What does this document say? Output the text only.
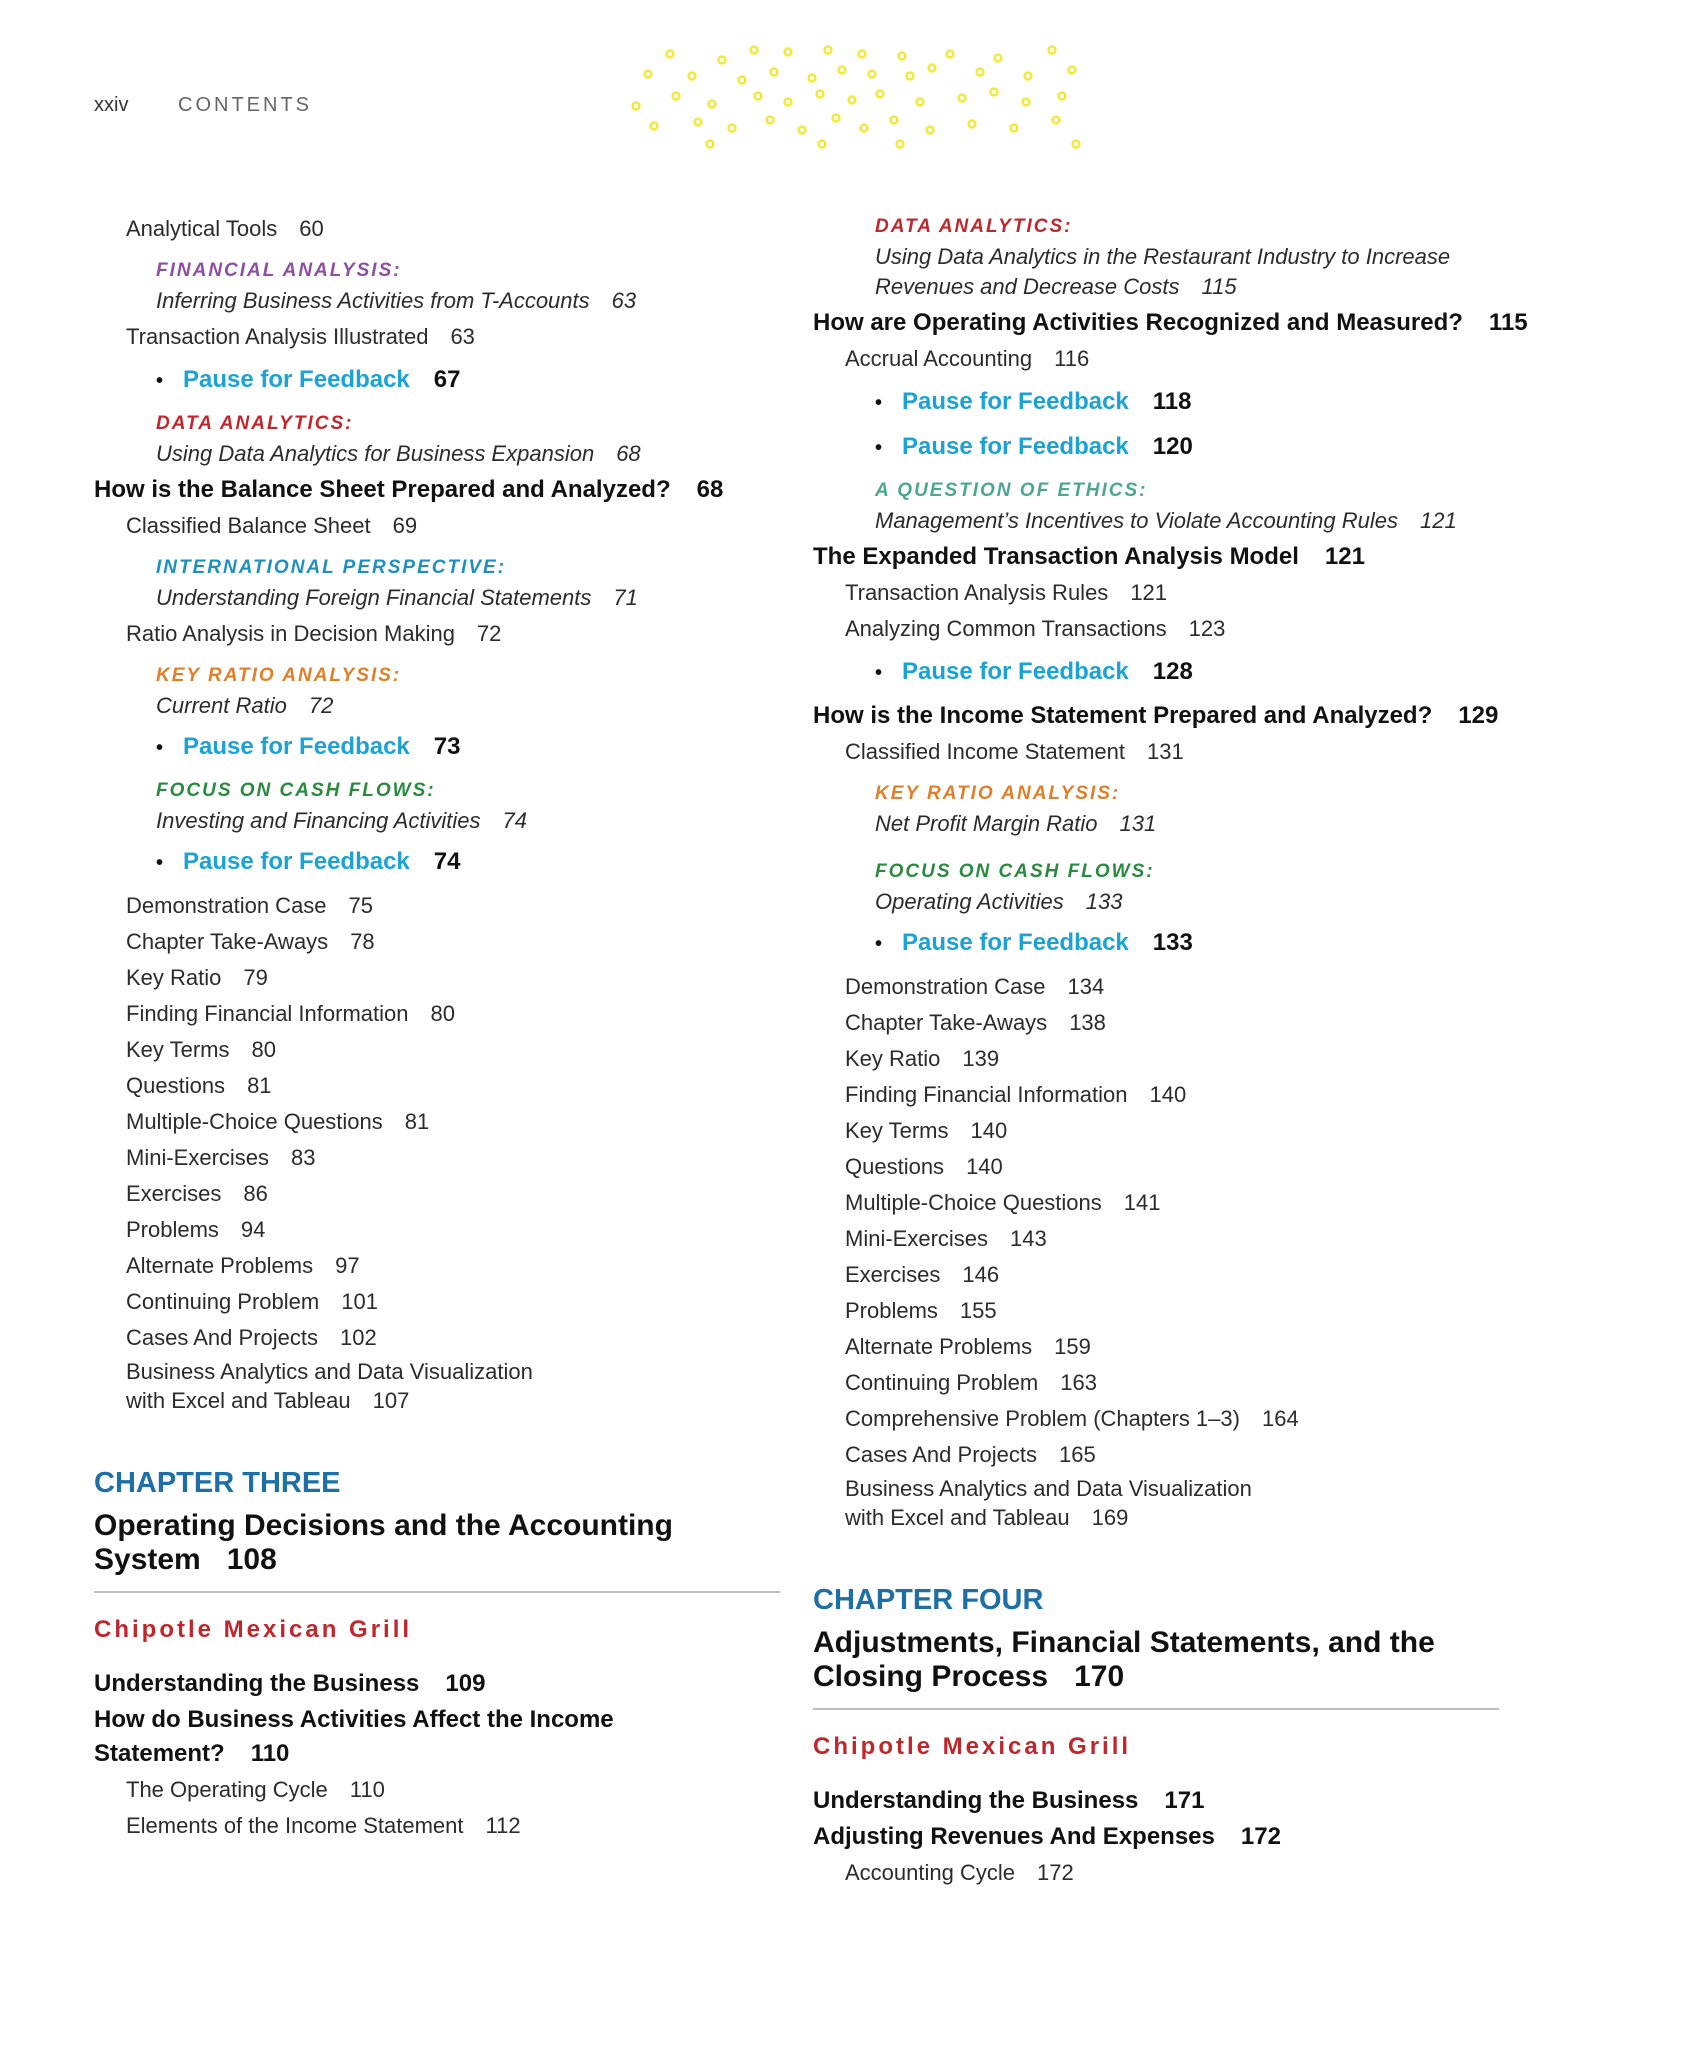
xxiv CONTENTS
Analytical Tools 60
FINANCIAL ANALYSIS:
Inferring Business Activities from T-Accounts 63
Transaction Analysis Illustrated 63
• Pause for Feedback 67
DATA ANALYTICS:
Using Data Analytics for Business Expansion 68
How is the Balance Sheet Prepared and Analyzed? 68
Classified Balance Sheet 69
INTERNATIONAL PERSPECTIVE:
Understanding Foreign Financial Statements 71
Ratio Analysis in Decision Making 72
KEY RATIO ANALYSIS:
Current Ratio 72
• Pause for Feedback 73
FOCUS ON CASH FLOWS:
Investing and Financing Activities 74
• Pause for Feedback 74
Demonstration Case 75
Chapter Take-Aways 78
Key Ratio 79
Finding Financial Information 80
Key Terms 80
Questions 81
Multiple-Choice Questions 81
Mini-Exercises 83
Exercises 86
Problems 94
Alternate Problems 97
Continuing Problem 101
Cases And Projects 102
Business Analytics and Data Visualization
with Excel and Tableau 107
CHAPTER THREE
Operating Decisions and the Accounting System 108
Chipotle Mexican Grill
Understanding the Business 109
How do Business Activities Affect the Income Statement? 110
The Operating Cycle 110
Elements of the Income Statement 112
DATA ANALYTICS:
Using Data Analytics in the Restaurant Industry to Increase Revenues and Decrease Costs 115
How are Operating Activities Recognized and Measured? 115
Accrual Accounting 116
• Pause for Feedback 118
• Pause for Feedback 120
A QUESTION OF ETHICS:
Management’s Incentives to Violate Accounting Rules 121
The Expanded Transaction Analysis Model 121
Transaction Analysis Rules 121
Analyzing Common Transactions 123
• Pause for Feedback 128
How is the Income Statement Prepared and Analyzed? 129
Classified Income Statement 131
KEY RATIO ANALYSIS:
Net Profit Margin Ratio 131
FOCUS ON CASH FLOWS:
Operating Activities 133
• Pause for Feedback 133
Demonstration Case 134
Chapter Take-Aways 138
Key Ratio 139
Finding Financial Information 140
Key Terms 140
Questions 140
Multiple-Choice Questions 141
Mini-Exercises 143
Exercises 146
Problems 155
Alternate Problems 159
Continuing Problem 163
Comprehensive Problem (Chapters 1–3) 164
Cases And Projects 165
Business Analytics and Data Visualization
with Excel and Tableau 169
CHAPTER FOUR
Adjustments, Financial Statements, and the Closing Process 170
Chipotle Mexican Grill
Understanding the Business 171
Adjusting Revenues And Expenses 172
Accounting Cycle 172
